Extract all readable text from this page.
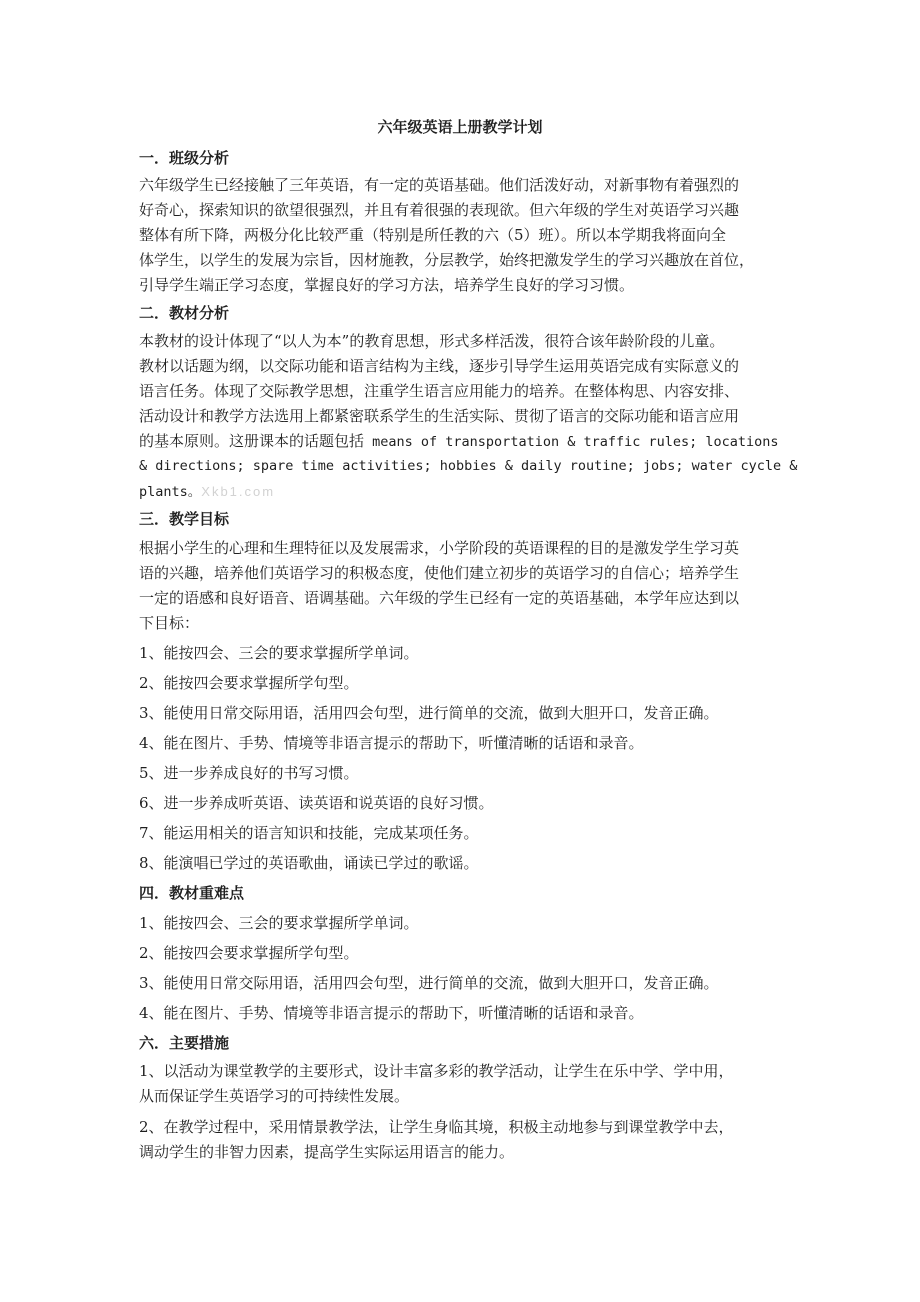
六年级英语上册教学计划
一．班级分析
六年级学生已经接触了三年英语，有一定的英语基础。他们活泼好动，对新事物有着强烈的
好奇心，探索知识的欲望很强烈，并且有着很强的表现欲。但六年级的学生对英语学习兴趣
整体有所下降，两极分化比较严重（特别是所任教的六（5）班）。所以本学期我将面向全
体学生，以学生的发展为宗旨，因材施教，分层教学，始终把激发学生的学习兴趣放在首位，
引导学生端正学习态度，掌握良好的学习方法，培养学生良好的学习习惯。
二．教材分析
本教材的设计体现了“以人为本”的教育思想，形式多样活泼，很符合该年龄阶段的儿童。
教材以话题为纲，以交际功能和语言结构为主线，逐步引导学生运用英语完成有实际意义的
语言任务。体现了交际教学思想，注重学生语言应用能力的培养。在整体构思、内容安排、
活动设计和教学方法选用上都紧密联系学生的生活实际、贯彻了语言的交际功能和语言应用
的基本原则。这册课本的话题包括 means of transportation & traffic rules; locations
& directions; spare time activities; hobbies & daily routine; jobs; water cycle &
plants。Xkb1.com
三．教学目标
根据小学生的心理和生理特征以及发展需求，小学阶段的英语课程的目的是激发学生学习英
语的兴趣，培养他们英语学习的积极态度，使他们建立初步的英语学习的自信心；培养学生
一定的语感和良好语音、语调基础。六年级的学生已经有一定的英语基础，本学年应达到以
下目标：
1、能按四会、三会的要求掌握所学单词。
2、能按四会要求掌握所学句型。
3、能使用日常交际用语，活用四会句型，进行简单的交流，做到大胆开口，发音正确。
4、能在图片、手势、情境等非语言提示的帮助下，听懂清晰的话语和录音。
5、进一步养成良好的书写习惯。
6、进一步养成听英语、读英语和说英语的良好习惯。
7、能运用相关的语言知识和技能，完成某项任务。
8、能演唱已学过的英语歌曲，诵读已学过的歌谣。
四．教材重难点
1、能按四会、三会的要求掌握所学单词。
2、能按四会要求掌握所学句型。
3、能使用日常交际用语，活用四会句型，进行简单的交流，做到大胆开口，发音正确。
4、能在图片、手势、情境等非语言提示的帮助下，听懂清晰的话语和录音。
六．主要措施
1、以活动为课堂教学的主要形式，设计丰富多彩的教学活动，让学生在乐中学、学中用，
从而保证学生英语学习的可持续性发展。
2、在教学过程中，采用情景教学法，让学生身临其境，积极主动地参与到课堂教学中去，
调动学生的非智力因素，提高学生实际运用语言的能力。
